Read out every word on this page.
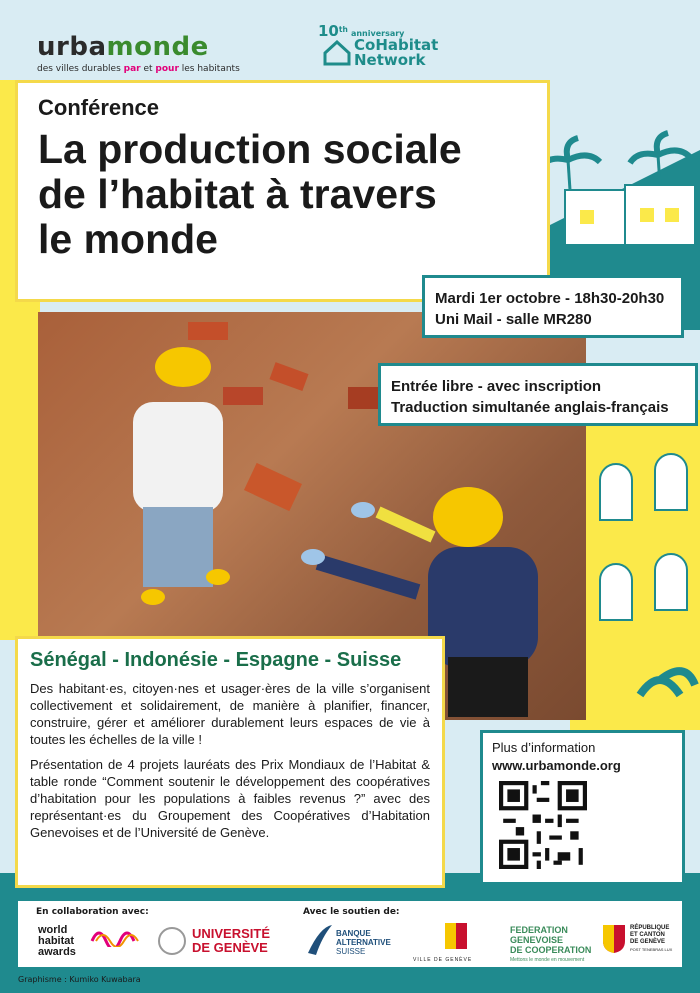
urbamonde
des villes durables par et pour les habitants
10th anniversary
CoHabitat
Network
Conférence
La production sociale
de l’habitat à travers
le monde
Mardi 1er octobre - 18h30-20h30
Uni Mail - salle MR280
Entrée libre - avec inscription
Traduction simultanée anglais-français
Sénégal - Indonésie - Espagne - Suisse

Des habitant·es, citoyen·nes et usager·ères de la ville s’organisent collectivement et solidairement, de manière à planifier, financer, construire, gérer et améliorer durablement leurs espaces de vie à toutes les échelles de la ville !

Présentation de 4 projets lauréats des Prix Mondiaux de l’Habitat & table ronde “Comment soutenir le développement des coopératives d’habitation pour les populations à faibles revenus ?” avec des représentant·es du Groupement des Coopératives d’Habitation Genevoises et de l’Université de Genève.

Plus d’information
www.urbamonde.org
En collaboration avec:	Avec le soutien de:
world
habitat
awards
UNIVERSITÉ
DE GENÈVE
BANQUE
ALTERNATIVE
SUISSE
VILLE DE GENÈVE
FEDERATION
GENEVOISE
DE COOPERATION
Mettons le monde en mouvement
RÉPUBLIQUE
ET CANTON
DE GENÈVE
POST TENEBRAS LUX
Graphisme : Kumiko Kuwabara
